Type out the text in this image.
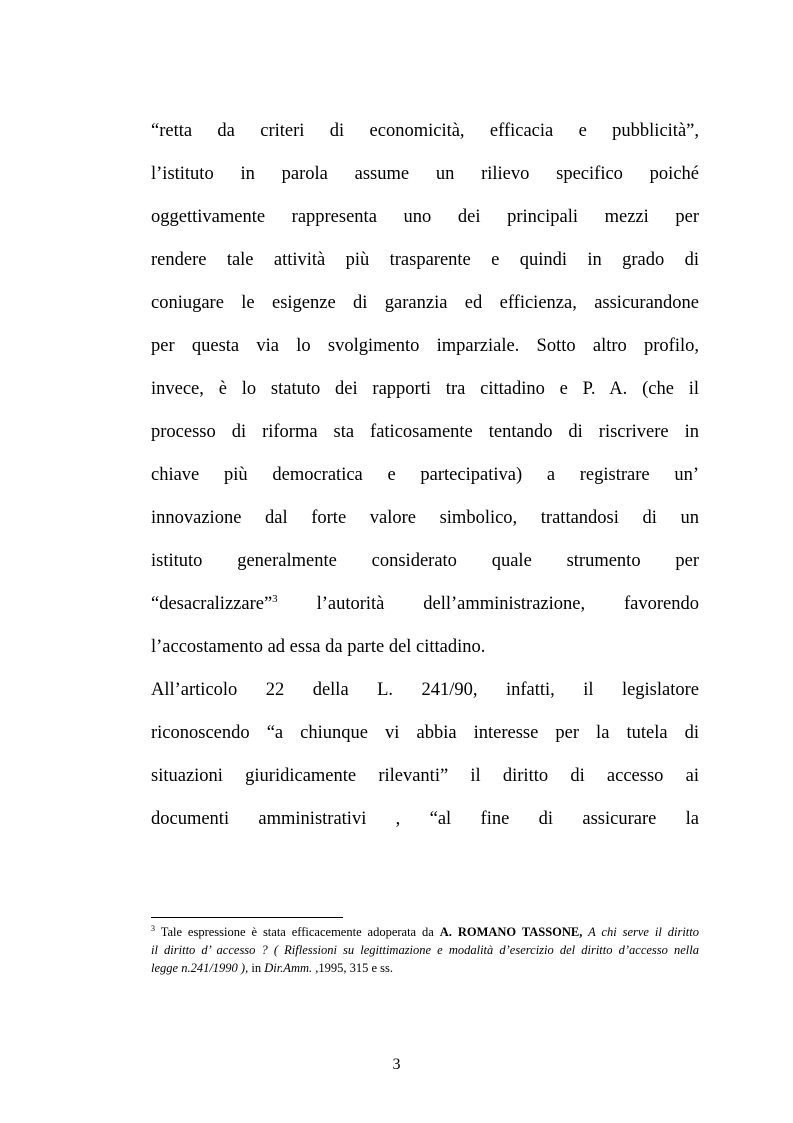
“retta da criteri di economicità, efficacia e pubblicità”,
l’istituto in parola assume un rilievo specifico poiché
oggettivamente rappresenta uno dei principali mezzi per
rendere tale attività più trasparente e quindi in grado di
coniugare le esigenze di garanzia ed efficienza, assicurandone
per questa via lo svolgimento imparziale. Sotto altro profilo,
invece, è lo statuto dei rapporti tra cittadino e P. A. (che il
processo di riforma sta faticosamente tentando di riscrivere in
chiave più democratica e partecipativa) a registrare un’
innovazione dal forte valore simbolico, trattandosi di un
istituto generalmente considerato quale strumento per
“desacralizzare”$^3$ l’autorità dell’amministrazione, favorendo
l’accostamento ad essa da parte del cittadino.
All’articolo 22 della L. 241/90, infatti, il legislatore
riconoscendo “a chiunque vi abbia interesse per la tutela di
situazioni giuridicamente rilevanti” il diritto di accesso ai
documenti amministrativi , “al fine di assicurare la
$^3$ Tale espressione è stata efficacemente adoperata da A. ROMANO TASSONE, A chi serve il diritto
il diritto d’ accesso ? ( Riflessioni su legittimazione e modalità d’esercizio del diritto d’accesso nella
legge n.241/1990 ), in Dir.Amm. ,1995, 315 e ss.
3
